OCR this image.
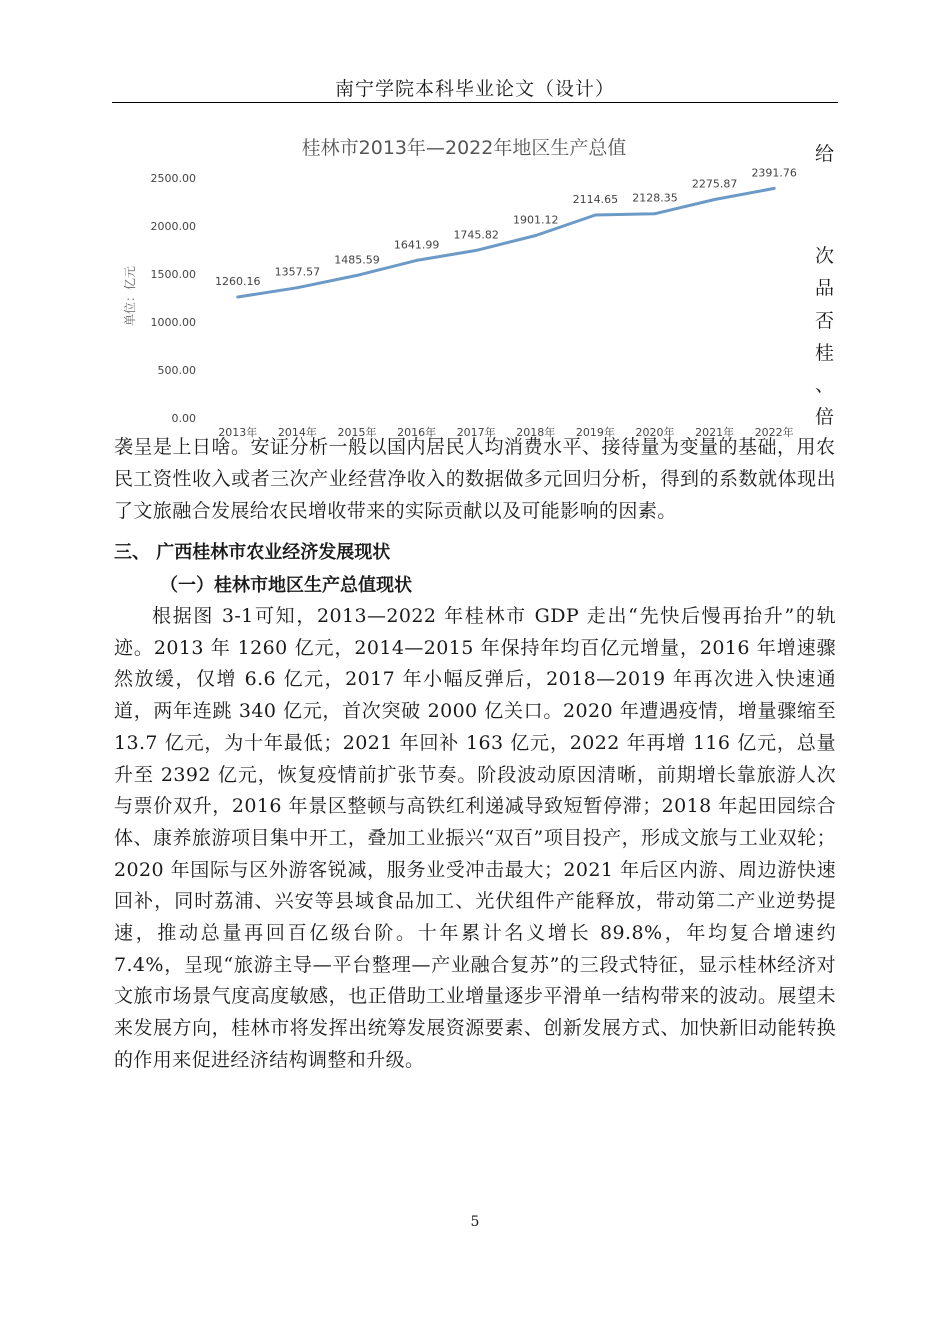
南宁学院本科毕业论文（设计）
桂林市2013年—2022年地区生产总值
单位：亿元
0.00
500.00
1000.00
1500.00
2000.00
2500.00
2013年 2014年 2015年 2016年 2017年 2018年 2019年 2020年 2021年 2022年
1260.16
1357.57
1485.59
1641.99
1745.82
1901.12
2114.65 2128.35
2275.87
2391.76
给
次
品
否
桂
、
倍
袭呈是上日啥。安证分析一般以国内居民人均消费水平、接待量为变量的基础，用农
民工资性收入或者三次产业经营净收入的数据做多元回归分析，得到的系数就体现出了文旅融合发展给农民增收带来的实际贡献以及可能影响的因素。
三、 广西桂林市农业经济发展现状
（一）桂林市地区生产总值现状
根据图 3-1可知，2013—2022 年桂林市 GDP 走出“先快后慢再抬升”的轨迹。2013 年 1260 亿元，2014—2015 年保持年均百亿元增量，2016 年增速骤然放缓，仅增 6.6 亿元，2017 年小幅反弹后，2018—2019 年再次进入快速通道，两年连跳 340 亿元，首次突破 2000 亿关口。2020 年遭遇疫情，增量骤缩至 13.7 亿元，为十年最低；2021 年回补 163 亿元，2022 年再增 116 亿元，总量升至 2392 亿元，恢复疫情前扩张节奏。阶段波动原因清晰，前期增长靠旅游人次与票价双升，2016 年景区整顿与高铁红利递减导致短暂停滞；2018 年起田园综合体、康养旅游项目集中开工，叠加工业振兴“双百”项目投产，形成文旅与工业双轮；2020 年国际与区外游客锐减，服务业受冲击最大；2021 年后区内游、周边游快速回补，同时荔浦、兴安等县域食品加工、光伏组件产能释放，带动第二产业逆势提速，推动总量再回百亿级台阶。十年累计名义增长 89.8%，年均复合增速约 7.4%，呈现“旅游主导—平台整理—产业融合复苏”的三段式特征，显示桂林经济对文旅市场景气度高度敏感，也正借助工业增量逐步平滑单一结构带来的波动。展望未来发展方向，桂林市将发挥出统筹发展资源要素、创新发展方式、加快新旧动能转换的作用来促进经济结构调整和升级。
5
